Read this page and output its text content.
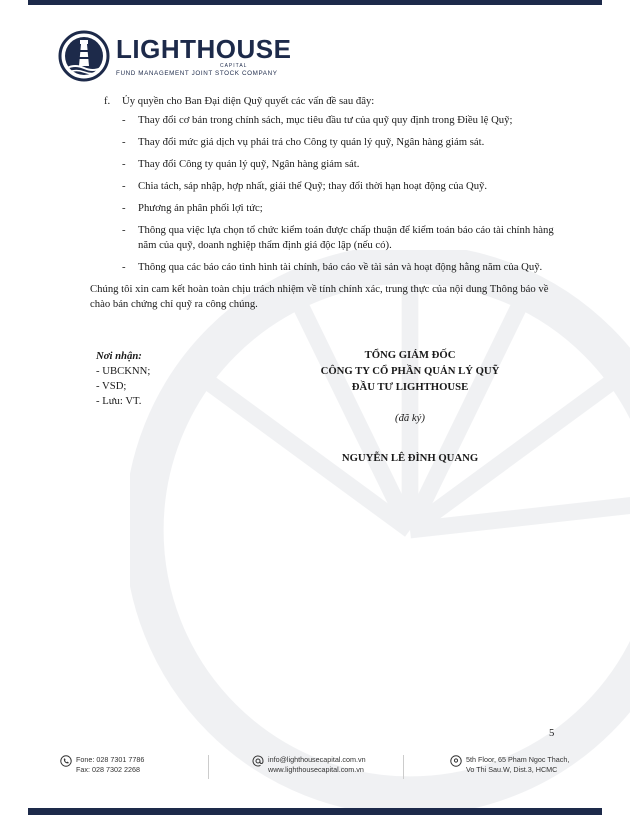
LIGHTHOUSE
CAPITAL
FUND MANAGEMENT JOINT STOCK COMPANY
f.	Ủy quyền cho Ban Đại diện Quỹ quyết các vấn đề sau đây:
-	Thay đổi cơ bản trong chính sách, mục tiêu đầu tư của quỹ quy định trong Điều lệ Quỹ;
-	Thay đổi mức giá dịch vụ phải trả cho Công ty quản lý quỹ, Ngân hàng giám sát.
-	Thay đổi Công ty quản lý quỹ, Ngân hàng giám sát.
-	Chia tách, sáp nhập, hợp nhất, giải thể Quỹ; thay đổi thời hạn hoạt động của Quỹ.
-	Phương án phân phối lợi tức;
-	Thông qua việc lựa chọn tổ chức kiểm toán được chấp thuận để kiểm toán báo cáo tài chính hàng năm của quỹ, doanh nghiệp thẩm định giá độc lập (nếu có).
-	Thông qua các báo cáo tình hình tài chính, báo cáo về tài sản và hoạt động hằng năm của Quỹ.
Chúng tôi xin cam kết hoàn toàn chịu trách nhiệm về tính chính xác, trung thực của nội dung Thông báo về chào bán chứng chỉ quỹ ra công chúng.
Nơi nhận:
- UBCKNN;
- VSD;
- Lưu: VT.
TỔNG GIÁM ĐỐC
CÔNG TY CỔ PHẦN QUẢN LÝ QUỸ
ĐẦU TƯ LIGHTHOUSE
(đã ký)
NGUYỄN LÊ ĐÌNH QUANG
5
Fone: 028 7301 7786
Fax: 028 7302 2268
info@lighthousecapital.com.vn
www.lighthousecapital.com.vn
5th Floor, 65 Pham Ngoc Thach,
Vo Thi Sau.W, Dist.3, HCMC
